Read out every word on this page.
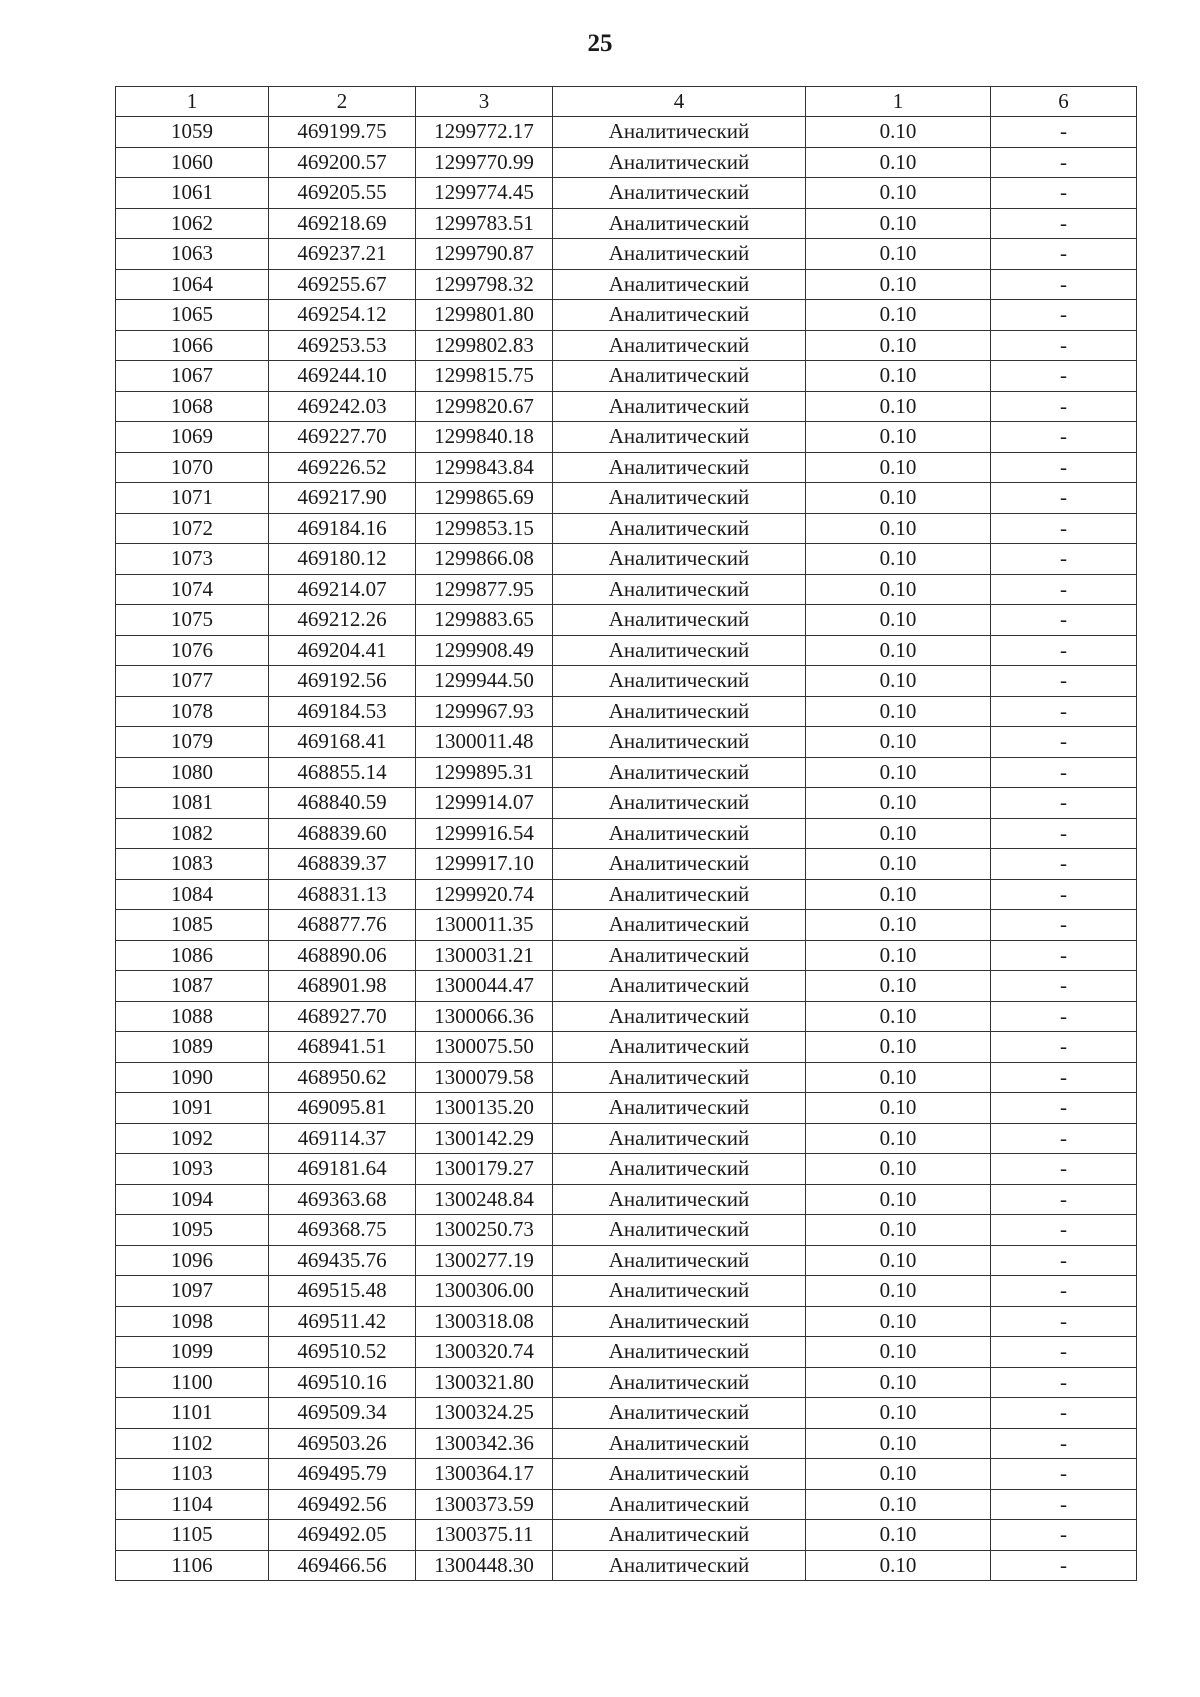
25
1	2	3	4	1	6
1059	469199.75	1299772.17	Аналитический	0.10	-
1060	469200.57	1299770.99	Аналитический	0.10	-
1061	469205.55	1299774.45	Аналитический	0.10	-
1062	469218.69	1299783.51	Аналитический	0.10	-
1063	469237.21	1299790.87	Аналитический	0.10	-
1064	469255.67	1299798.32	Аналитический	0.10	-
1065	469254.12	1299801.80	Аналитический	0.10	-
1066	469253.53	1299802.83	Аналитический	0.10	-
1067	469244.10	1299815.75	Аналитический	0.10	-
1068	469242.03	1299820.67	Аналитический	0.10	-
1069	469227.70	1299840.18	Аналитический	0.10	-
1070	469226.52	1299843.84	Аналитический	0.10	-
1071	469217.90	1299865.69	Аналитический	0.10	-
1072	469184.16	1299853.15	Аналитический	0.10	-
1073	469180.12	1299866.08	Аналитический	0.10	-
1074	469214.07	1299877.95	Аналитический	0.10	-
1075	469212.26	1299883.65	Аналитический	0.10	-
1076	469204.41	1299908.49	Аналитический	0.10	-
1077	469192.56	1299944.50	Аналитический	0.10	-
1078	469184.53	1299967.93	Аналитический	0.10	-
1079	469168.41	1300011.48	Аналитический	0.10	-
1080	468855.14	1299895.31	Аналитический	0.10	-
1081	468840.59	1299914.07	Аналитический	0.10	-
1082	468839.60	1299916.54	Аналитический	0.10	-
1083	468839.37	1299917.10	Аналитический	0.10	-
1084	468831.13	1299920.74	Аналитический	0.10	-
1085	468877.76	1300011.35	Аналитический	0.10	-
1086	468890.06	1300031.21	Аналитический	0.10	-
1087	468901.98	1300044.47	Аналитический	0.10	-
1088	468927.70	1300066.36	Аналитический	0.10	-
1089	468941.51	1300075.50	Аналитический	0.10	-
1090	468950.62	1300079.58	Аналитический	0.10	-
1091	469095.81	1300135.20	Аналитический	0.10	-
1092	469114.37	1300142.29	Аналитический	0.10	-
1093	469181.64	1300179.27	Аналитический	0.10	-
1094	469363.68	1300248.84	Аналитический	0.10	-
1095	469368.75	1300250.73	Аналитический	0.10	-
1096	469435.76	1300277.19	Аналитический	0.10	-
1097	469515.48	1300306.00	Аналитический	0.10	-
1098	469511.42	1300318.08	Аналитический	0.10	-
1099	469510.52	1300320.74	Аналитический	0.10	-
1100	469510.16	1300321.80	Аналитический	0.10	-
1101	469509.34	1300324.25	Аналитический	0.10	-
1102	469503.26	1300342.36	Аналитический	0.10	-
1103	469495.79	1300364.17	Аналитический	0.10	-
1104	469492.56	1300373.59	Аналитический	0.10	-
1105	469492.05	1300375.11	Аналитический	0.10	-
1106	469466.56	1300448.30	Аналитический	0.10	-
